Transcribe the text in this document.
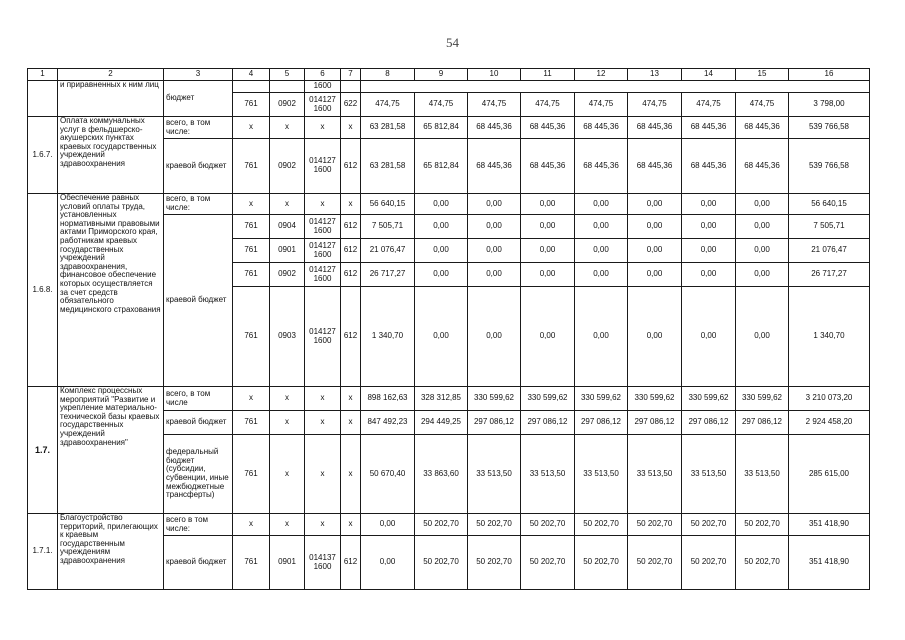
54
1	2	3	4	5	6	7	8	9	10	11	12	13	14	15	16
	и приравненных к ним лиц	бюджет			1600										
			761	0902	014127 1600	622	474,75	474,75	474,75	474,75	474,75	474,75	474,75	474,75	3 798,00
1.6.7.	Оплата коммунальных услуг в фельдшерско-акушерских пунктах краевых государственных учреждений здравоохранения	всего, в том числе:	x	x	x	x	63 281,58	65 812,84	68 445,36	68 445,36	68 445,36	68 445,36	68 445,36	68 445,36	539 766,58
		краевой бюджет	761	0902	014127 1600	612	63 281,58	65 812,84	68 445,36	68 445,36	68 445,36	68 445,36	68 445,36	68 445,36	539 766,58
1.6.8.	Обеспечение равных условий оплаты труда, установленных нормативными правовыми актами Приморского края, работникам краевых государственных учреждений здравоохранения, финансовое обеспечение которых осуществляется за счет средств обязательного медицинского страхования	всего, в том числе:	x	x	x	x	56 640,15	0,00	0,00	0,00	0,00	0,00	0,00	0,00	56 640,15
		краевой бюджет	761	0904	014127 1600	612	7 505,71	0,00	0,00	0,00	0,00	0,00	0,00	0,00	7 505,71
			761	0901	014127 1600	612	21 076,47	0,00	0,00	0,00	0,00	0,00	0,00	0,00	21 076,47
			761	0902	014127 1600	612	26 717,27	0,00	0,00	0,00	0,00	0,00	0,00	0,00	26 717,27
			761	0903	014127 1600	612	1 340,70	0,00	0,00	0,00	0,00	0,00	0,00	0,00	1 340,70
1.7.	Комплекс процессных мероприятий "Развитие и укрепление материально-технической базы краевых государственных учреждений здравоохранения"	всего, в том числе	x	x	x	x	898 162,63	328 312,85	330 599,62	330 599,62	330 599,62	330 599,62	330 599,62	330 599,62	3 210 073,20
		краевой бюджет	761	x	x	x	847 492,23	294 449,25	297 086,12	297 086,12	297 086,12	297 086,12	297 086,12	297 086,12	2 924 458,20
		федеральный бюджет (субсидии, субвенции, иные межбюджетные трансферты)	761	x	x	x	50 670,40	33 863,60	33 513,50	33 513,50	33 513,50	33 513,50	33 513,50	33 513,50	285 615,00
1.7.1.	Благоустройство территорий, прилегающих к краевым государственным учреждениям здравоохранения	всего в том числе:	x	x	x	x	0,00	50 202,70	50 202,70	50 202,70	50 202,70	50 202,70	50 202,70	50 202,70	351 418,90
		краевой бюджет	761	0901	014137 1600	612	0,00	50 202,70	50 202,70	50 202,70	50 202,70	50 202,70	50 202,70	50 202,70	351 418,90
